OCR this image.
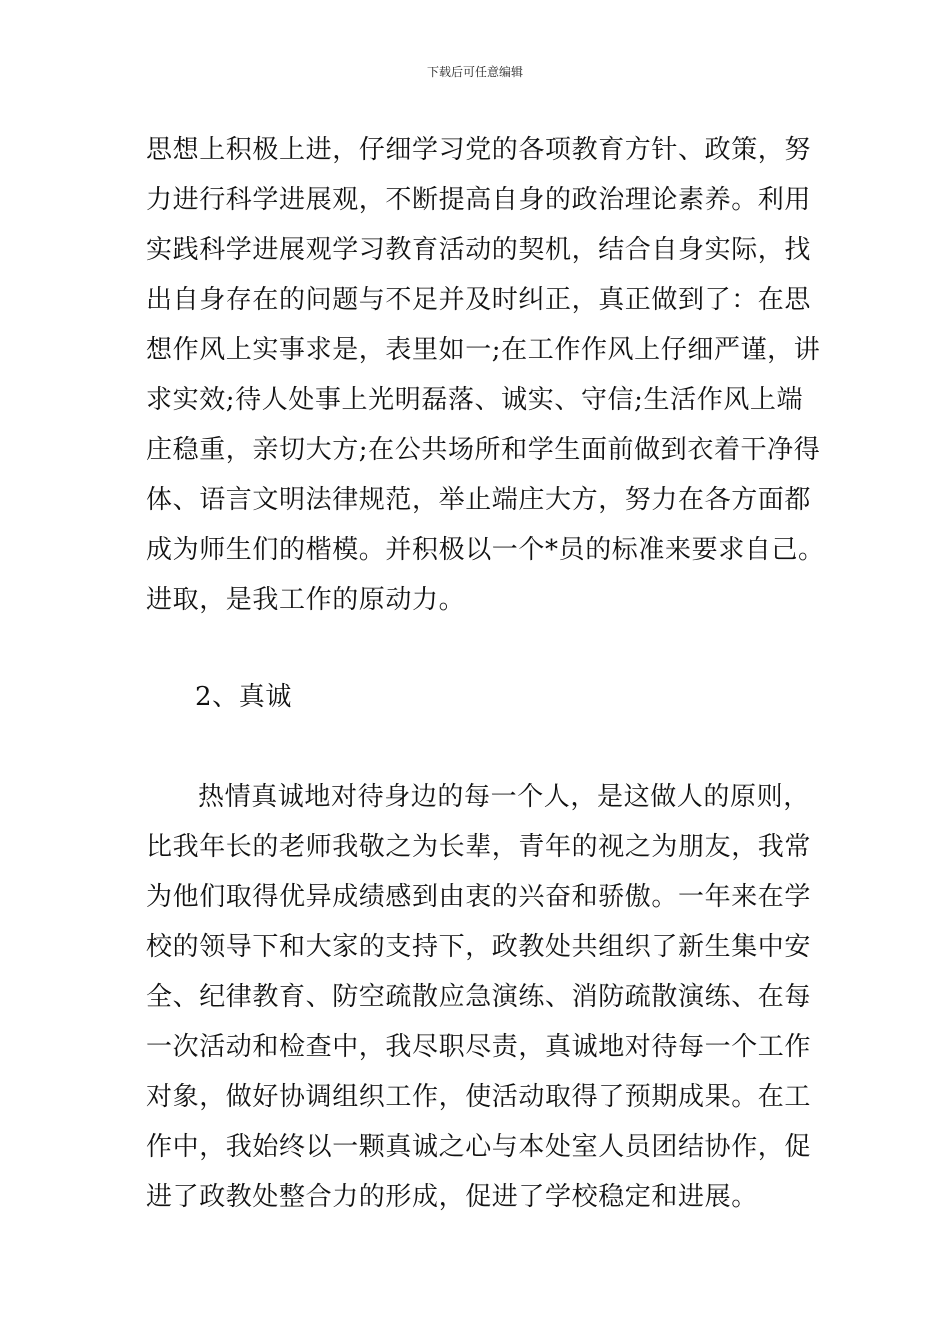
下载后可任意编辑
思想上积极上进，仔细学习党的各项教育方针、政策，努
力进行科学进展观，不断提高自身的政治理论素养。利用
实践科学进展观学习教育活动的契机，结合自身实际，找
出自身存在的问题与不足并及时纠正，真正做到了：在思
想作风上实事求是，表里如一;在工作作风上仔细严谨，讲
求实效;待人处事上光明磊落、诚实、守信;生活作风上端
庄稳重，亲切大方;在公共场所和学生面前做到衣着干净得
体、语言文明法律规范，举止端庄大方，努力在各方面都
成为师生们的楷模。并积极以一个*员的标准来要求自己。
进取，是我工作的原动力。
2、真诚
热情真诚地对待身边的每一个人，是这做人的原则，
比我年长的老师我敬之为长辈，青年的视之为朋友，我常
为他们取得优异成绩感到由衷的兴奋和骄傲。一年来在学
校的领导下和大家的支持下，政教处共组织了新生集中安
全、纪律教育、防空疏散应急演练、消防疏散演练、在每
一次活动和检查中，我尽职尽责，真诚地对待每一个工作
对象，做好协调组织工作，使活动取得了预期成果。在工
作中，我始终以一颗真诚之心与本处室人员团结协作，促
进了政教处整合力的形成，促进了学校稳定和进展。
